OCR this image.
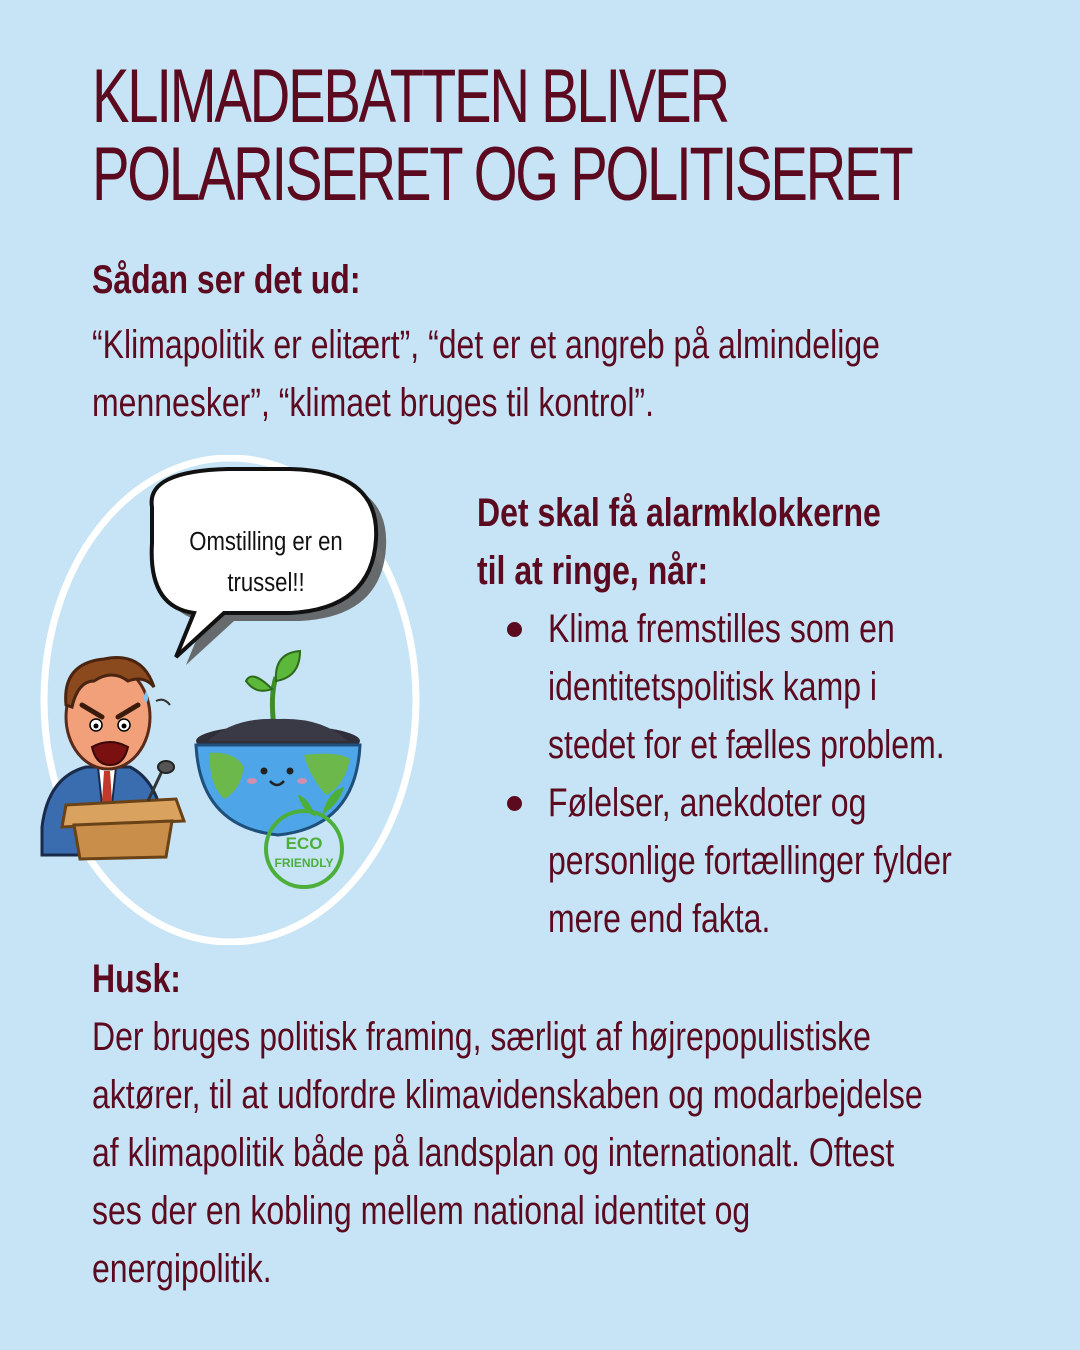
KLIMADEBATTEN BLIVER
POLARISERET OG POLITISERET
Sådan ser det ud:
“Klimapolitik er elitært”, “det er et angreb på almindelige
mennesker”, “klimaet bruges til kontrol”.
Omstilling er en
trussel!!
ECO
FRIENDLY
Det skal få alarmklokkerne
til at ringe, når:
Klima fremstilles som en
identitetspolitisk kamp i
stedet for et fælles problem.
Følelser, anekdoter og
personlige fortællinger fylder
mere end fakta.
Husk:
Der bruges politisk framing, særligt af højrepopulistiske
aktører, til at udfordre klimavidenskaben og modarbejdelse
af klimapolitik både på landsplan og internationalt. Oftest
ses der en kobling mellem national identitet og
energipolitik.
